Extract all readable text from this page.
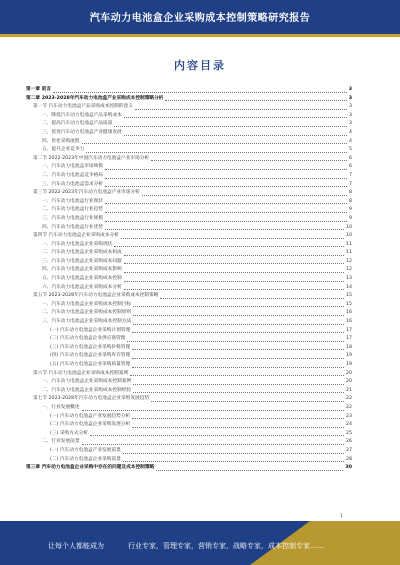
汽车动力电池盒企业采购成本控制策略研究报告
内容目录
第一章 前言	3
第二章 2023-2028年汽车动力电池盒产业采购成本控制策略分析	3
第一节 汽车动力电池盒产品采购成本控制的意义	3
一、降低汽车动力电池盒产品采购成本	3
二、提高汽车动力电池盒产品质量	3
三、促进汽车动力电池盒产业健康发展	4
四、优化采购流程	4
五、提升企业竞争力	5
第二节 2022-2023年中国汽车动力电池盒产业市场分析	6
一、汽车动力电池盒市场规模	6
二、汽车动力电池盒竞争格局	7
三、汽车动力电池盒需求分析	7
第三节 2022-2023年汽车动力电池盒产业市场分析	8
一、汽车动力电池盒行业现状	8
二、汽车动力电池盒行业趋势	9
三、汽车动力电池盒行业规模	9
四、汽车动力电池盒行业优势	10
第四节 汽车动力电池盒企业采购成本分析	10
一、汽车动力电池盒企业采购现状	11
二、汽车动力电池盒企业采购成本构成	11
三、汽车动力电池盒企业采购成本问题	12
四、汽车动力电池盒企业采购成本影响	12
五、汽车动力电池盒企业采购成本控制	13
六、汽车动力电池盒企业采购成本分析	14
第五节 2023-2028年汽车动力电池盒企业采购成本控制策略	15
一、汽车动力电池盒企业采购成本控制目标	15
二、汽车动力电池盒企业采购成本控制原则	16
三、汽车动力电池盒企业采购成本控制方法	16
(一) 汽车动力电池盒企业采购计划管理	17
(二) 汽车动力电池盒企业供应商管理	17
(三) 汽车动力电池盒企业采购价格管理	18
(四) 汽车动力电池盒企业采购库存管理	19
(五) 汽车动力电池盒企业采购质量管理	19
第六节 汽车动力电池盒企业采购成本控制案例	20
一、汽车动力电池盒企业采购成本控制案例	20
二、汽车动力电池盒企业采购成本控制经验	21
第七节 2023-2028年汽车动力电池盒企业采购发展趋势	22
一、行业发展概述	22
(一) 汽车动力电池盒产业发展趋势分析	23
(二) 汽车动力电池盒企业采购发展分析	24
(三) 采购方式分析	25
二、行业发展前景	26
(一) 汽车动力电池盒产业发展前景	27
(二) 汽车动力电池盒企业采购前景	28
第三章 汽车动力电池盒企业采购中存在的问题及成本控制策略	30
1
让每个人都能成为	行业专家，管理专家，营销专家，战略专家，成本控制专家……
